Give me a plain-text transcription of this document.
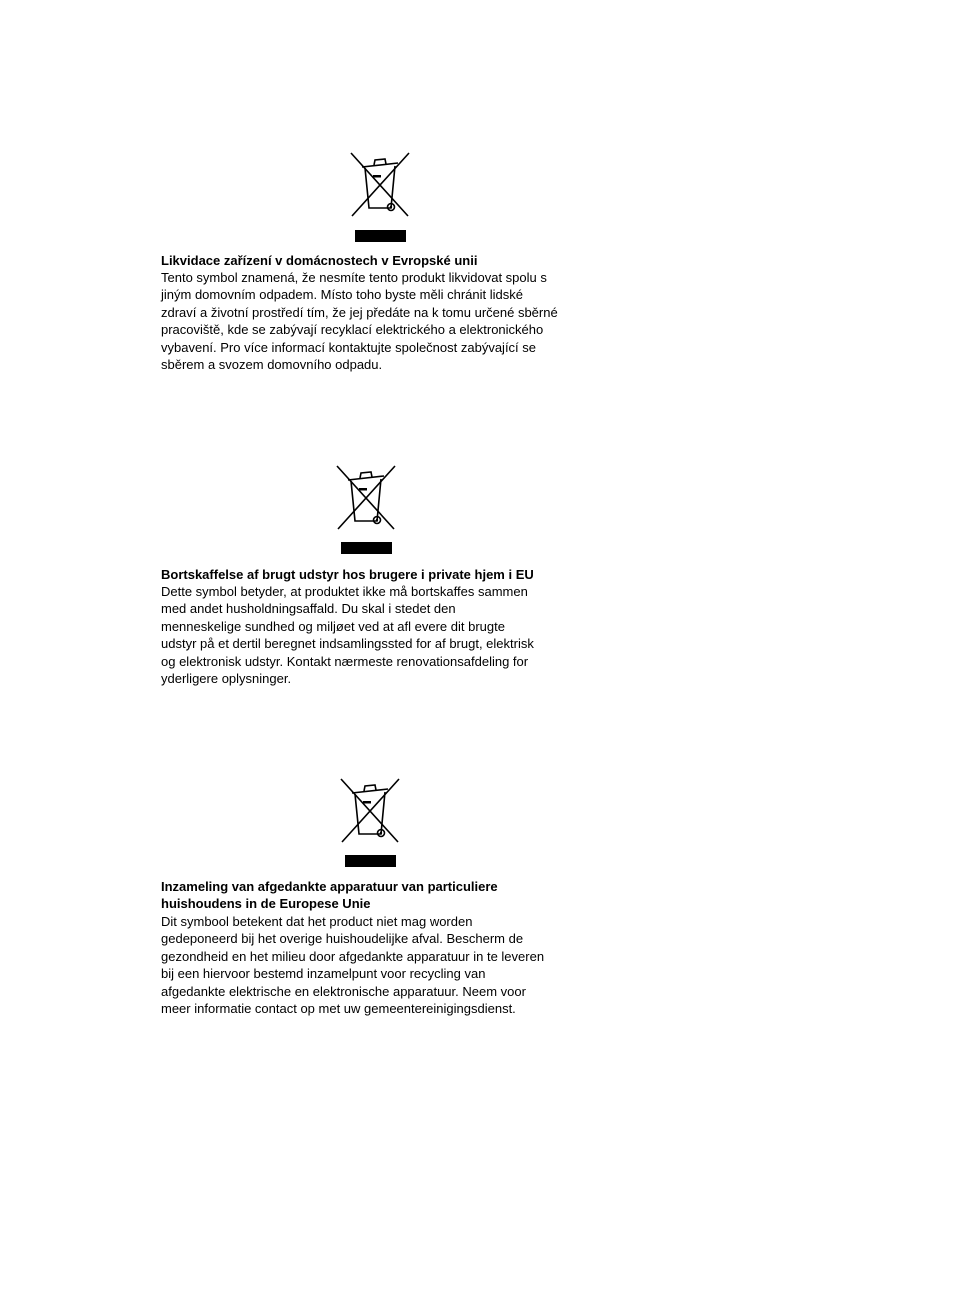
Likvidace zařízení v domácnostech v Evropské unii

Tento symbol znamená, že nesmíte tento produkt likvidovat spolu s
jiným domovním odpadem. Místo toho byste měli chránit lidské
zdraví a životní prostředí tím, že jej předáte na k tomu určené sběrné
pracoviště, kde se zabývají recyklací elektrického a elektronického
vybavení. Pro více informací kontaktujte společnost zabývající se
sběrem a svozem domovního odpadu.

Bortskaffelse af brugt udstyr hos brugere i private hjem i EU

Dette symbol betyder, at produktet ikke må bortskaffes sammen
med andet husholdningsaffald. Du skal i stedet den
menneskelige sundhed og miljøet ved at afl evere dit brugte
udstyr på et dertil beregnet indsamlingssted for af brugt, elektrisk
og elektronisk udstyr. Kontakt nærmeste renovationsafdeling for
yderligere oplysninger.

Inzameling van afgedankte apparatuur van particuliere
huishoudens in de Europese Unie

Dit symbool betekent dat het product niet mag worden
gedeponeerd bij het overige huishoudelijke afval. Bescherm de
gezondheid en het milieu door afgedankte apparatuur in te leveren
bij een hiervoor bestemd inzamelpunt voor recycling van
afgedankte elektrische en elektronische apparatuur. Neem voor
meer informatie contact op met uw gemeentereinigingsdienst.
